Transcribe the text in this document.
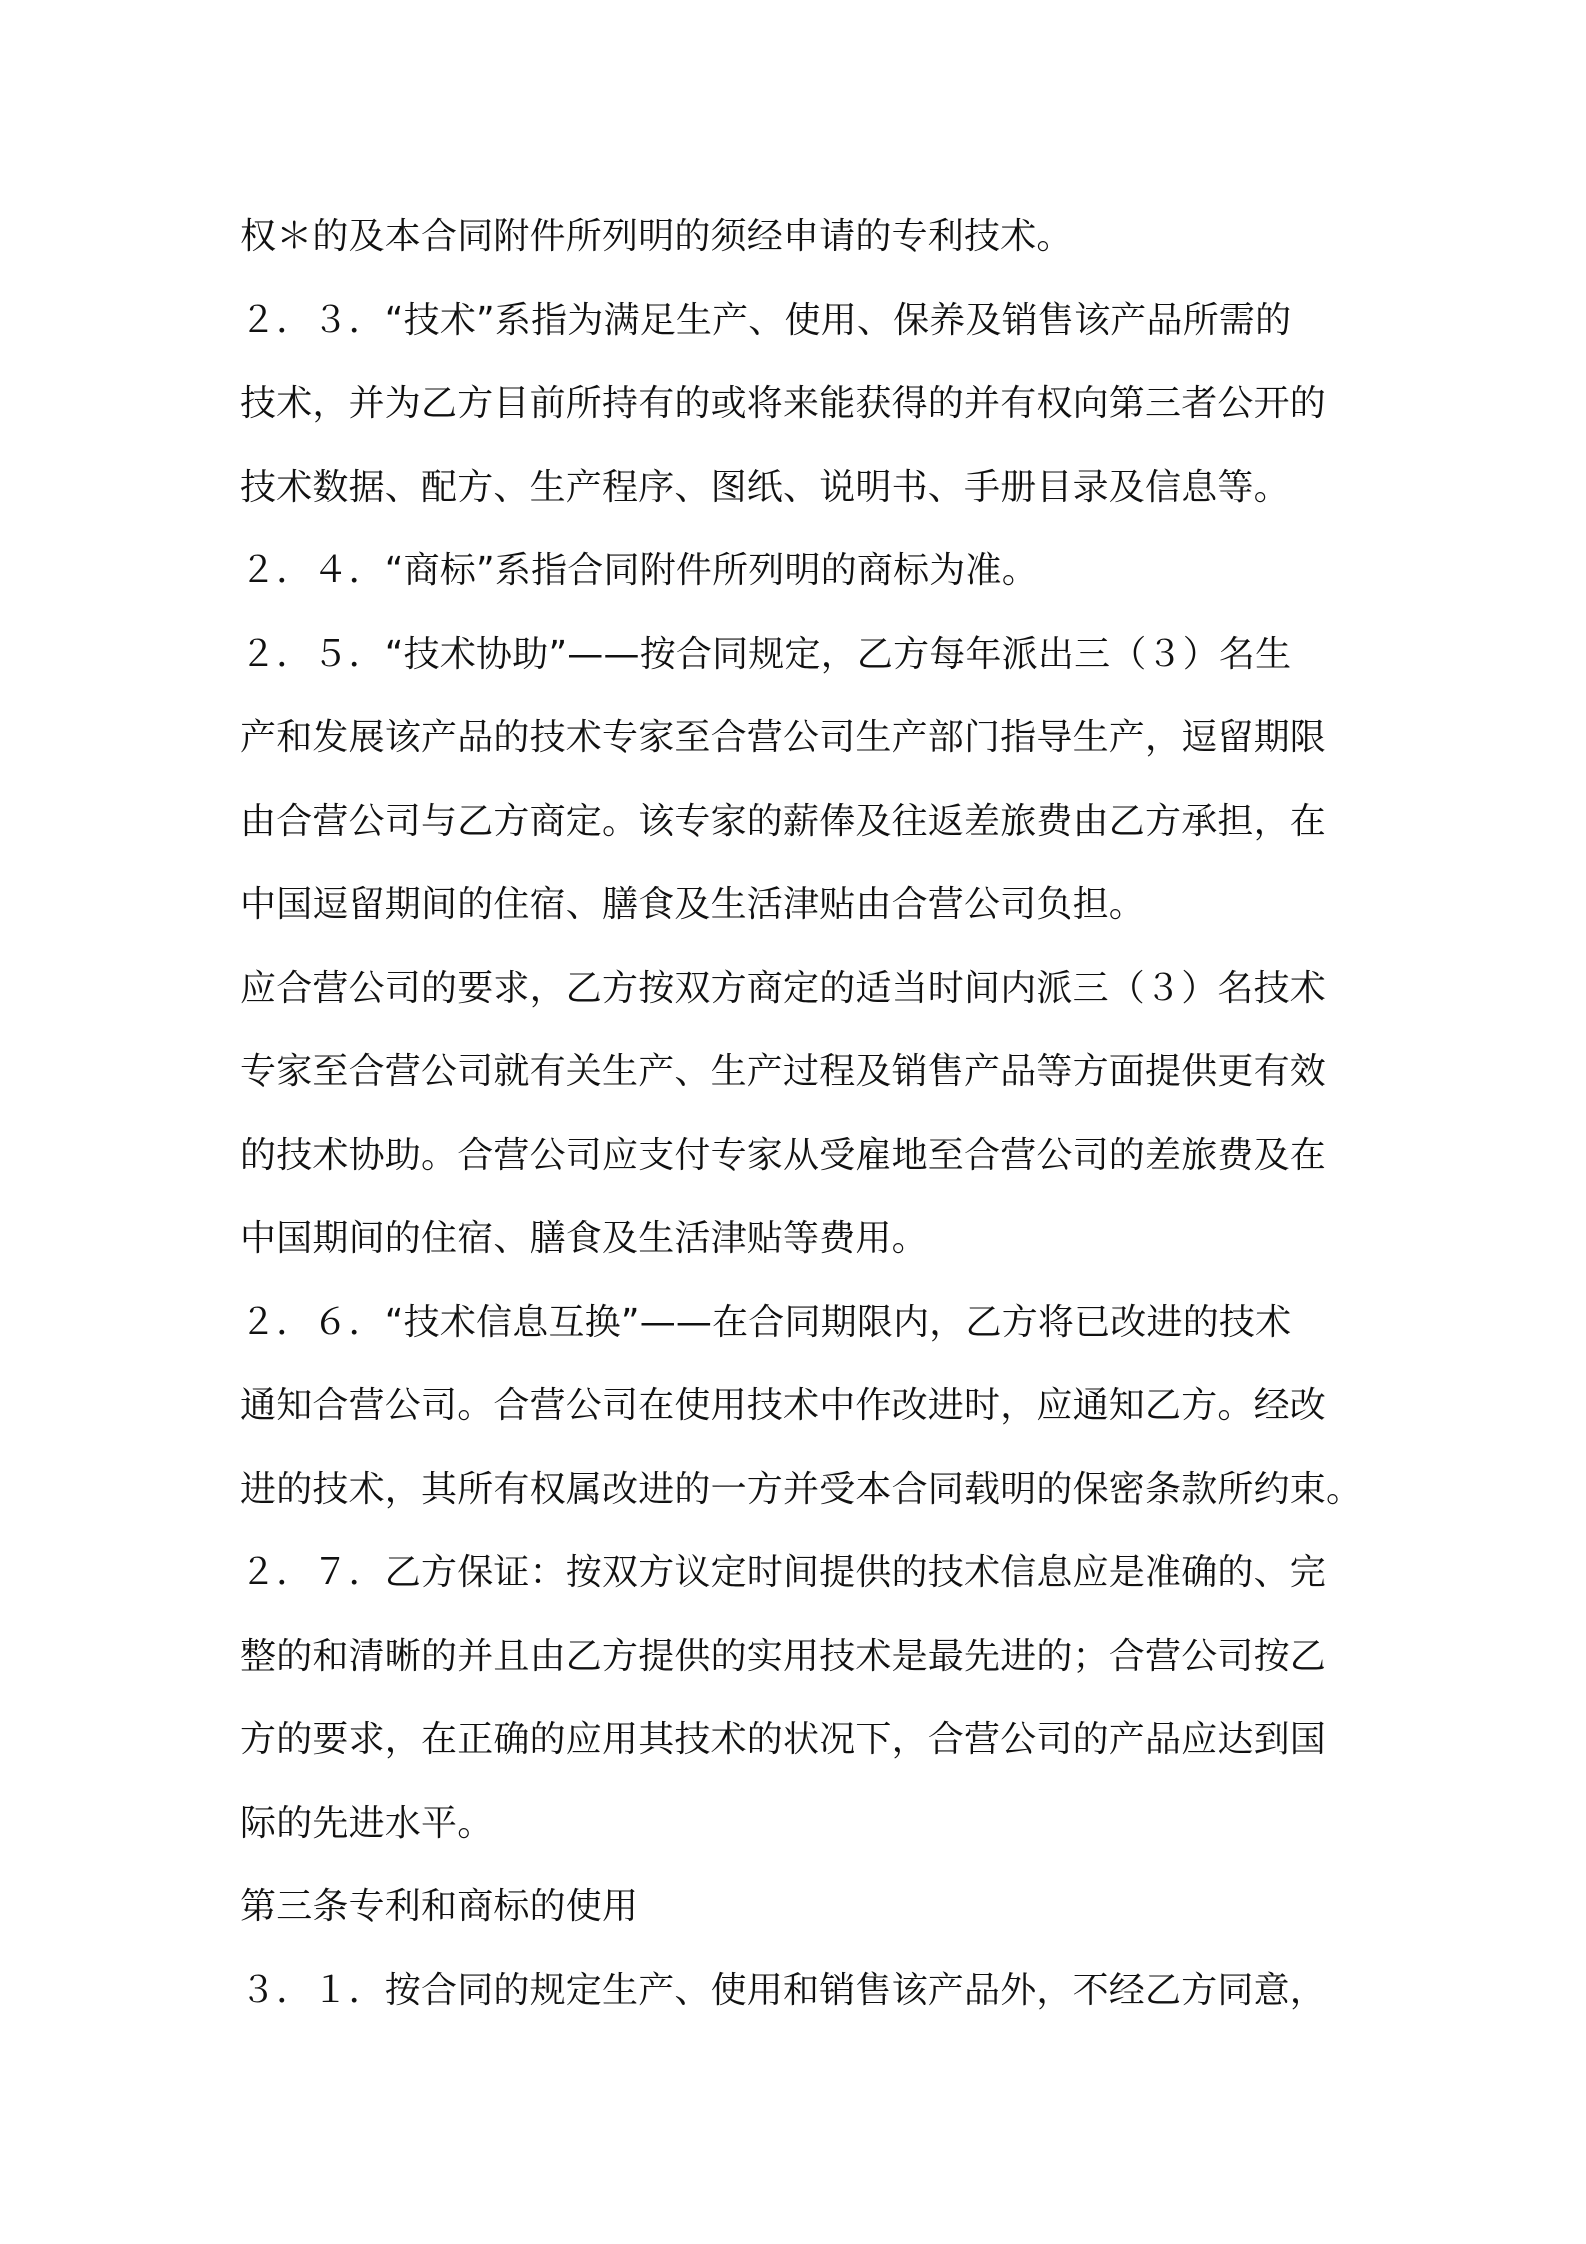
权＊的及本合同附件所列明的须经申请的专利技术。
２．３．“技术”系指为满足生产、使用、保养及销售该产品所需的
技术，并为乙方目前所持有的或将来能获得的并有权向第三者公开的
技术数据、配方、生产程序、图纸、说明书、手册目录及信息等。
２．４．“商标”系指合同附件所列明的商标为准。
２．５．“技术协助”——按合同规定，乙方每年派出三（３）名生
产和发展该产品的技术专家至合营公司生产部门指导生产，逗留期限
由合营公司与乙方商定。该专家的薪俸及往返差旅费由乙方承担，在
中国逗留期间的住宿、膳食及生活津贴由合营公司负担。
应合营公司的要求，乙方按双方商定的适当时间内派三（３）名技术
专家至合营公司就有关生产、生产过程及销售产品等方面提供更有效
的技术协助。合营公司应支付专家从受雇地至合营公司的差旅费及在
中国期间的住宿、膳食及生活津贴等费用。
２．６．“技术信息互换”——在合同期限内，乙方将已改进的技术
通知合营公司。合营公司在使用技术中作改进时，应通知乙方。经改
进的技术，其所有权属改进的一方并受本合同载明的保密条款所约束。
２．７．乙方保证：按双方议定时间提供的技术信息应是准确的、完
整的和清晰的并且由乙方提供的实用技术是最先进的；合营公司按乙
方的要求，在正确的应用其技术的状况下，合营公司的产品应达到国
际的先进水平。
第三条专利和商标的使用
３．１．按合同的规定生产、使用和销售该产品外，不经乙方同意，
